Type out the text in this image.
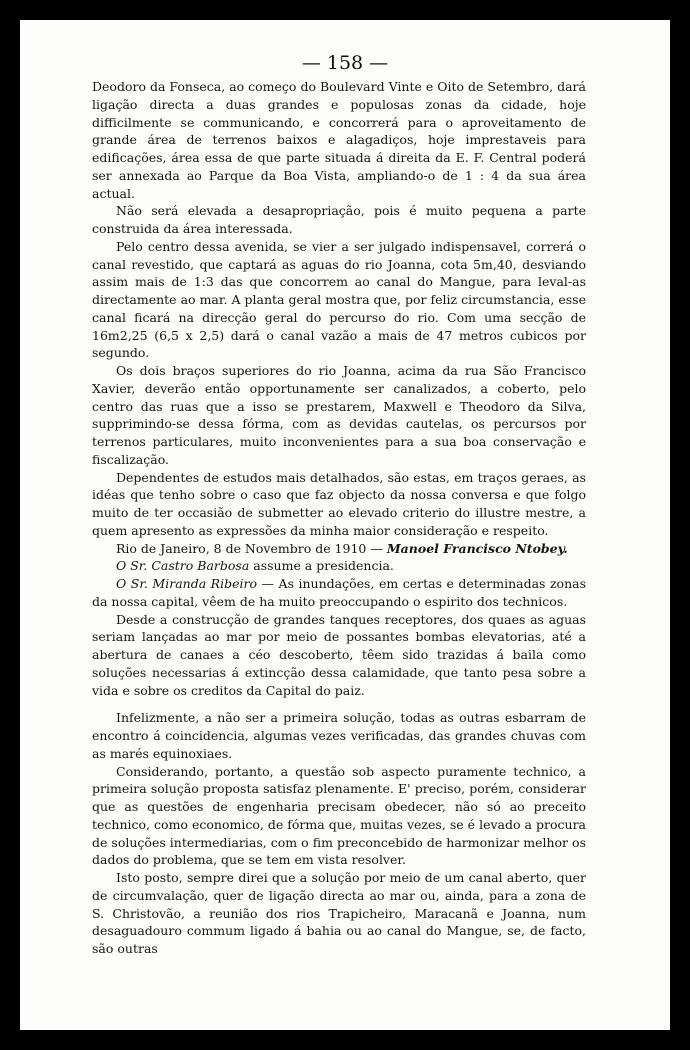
— 158 —

Deodoro da Fonseca, ao começo do Boulevard Vinte e Oito de Setembro, dará ligação directa a duas grandes e populosas zonas da cidade, hoje difficilmente se communicando, e concorrerá para o aproveitamento de grande área de terrenos baixos e alagadiços, hoje imprestaveis para edificações, área essa de que parte situada á direita da E. F. Central poderá ser annexada ao Parque da Boa Vista, ampliando-o de 1 : 4 da sua área actual.

Não será elevada a desapropriação, pois é muito pequena a parte construida da área interessada.

Pelo centro dessa avenida, se vier a ser julgado indispensavel, correrá o canal revestido, que captará as aguas do rio Joanna, cota 5m,40, desviando assim mais de 1:3 das que concorrem ao canal do Mangue, para leval-as directamente ao mar. A planta geral mostra que, por feliz circumstancia, esse canal ficará na direcção geral do percurso do rio. Com uma secção de 16m2,25 (6,5 x 2,5) dará o canal vazão a mais de 47 metros cubicos por segundo.

Os dois braços superiores do rio Joanna, acima da rua São Francisco Xavier, deverão então opportunamente ser canalizados, a coberto, pelo centro das ruas que a isso se prestarem, Maxwell e Theodoro da Silva, supprimindo-se dessa fórma, com as devidas cautelas, os percursos por terrenos particulares, muito inconvenientes para a sua boa conservação e fiscalização.

Dependentes de estudos mais detalhados, são estas, em traços geraes, as idéas que tenho sobre o caso que faz objecto da nossa conversa e que folgo muito de ter occasião de submetter ao elevado criterio do illustre mestre, a quem apresento as expressões da minha maior consideração e respeito.

Rio de Janeiro, 8 de Novembro de 1910 — Manoel Francisco Ntobey.

O Sr. Castro Barbosa assume a presidencia.

O Sr. Miranda Ribeiro — As inundações, em certas e determinadas zonas da nossa capital, vêem de ha muito preoccupando o espirito dos technicos.

Desde a construcção de grandes tanques receptores, dos quaes as aguas seriam lançadas ao mar por meio de possantes bombas elevatorias, até a abertura de canaes a céo descoberto, têem sido trazidas á baila como soluções necessarias á extincção dessa calamidade, que tanto pesa sobre a vida e sobre os creditos da Capital do paiz.

Infelizmente, a não ser a primeira solução, todas as outras esbarram de encontro á coincidencia, algumas vezes verificadas, das grandes chuvas com as marés equinoxiaes.

Considerando, portanto, a questão sob aspecto puramente technico, a primeira solução proposta satisfaz plenamente. E' preciso, porém, considerar que as questões de engenharia precisam obedecer, não só ao preceito technico, como economico, de fórma que, muitas vezes, se é levado a procura de soluções intermediarias, com o fim preconcebido de harmonizar melhor os dados do problema, que se tem em vista resolver.

Isto posto, sempre direi que a solução por meio de um canal aberto, quer de circumvalação, quer de ligação directa ao mar ou, ainda, para a zona de S. Christovão, a reunião dos rios Trapicheiro, Maracanã e Joanna, num desaguadouro commum ligado á bahia ou ao canal do Mangue, se, de facto, são outras
